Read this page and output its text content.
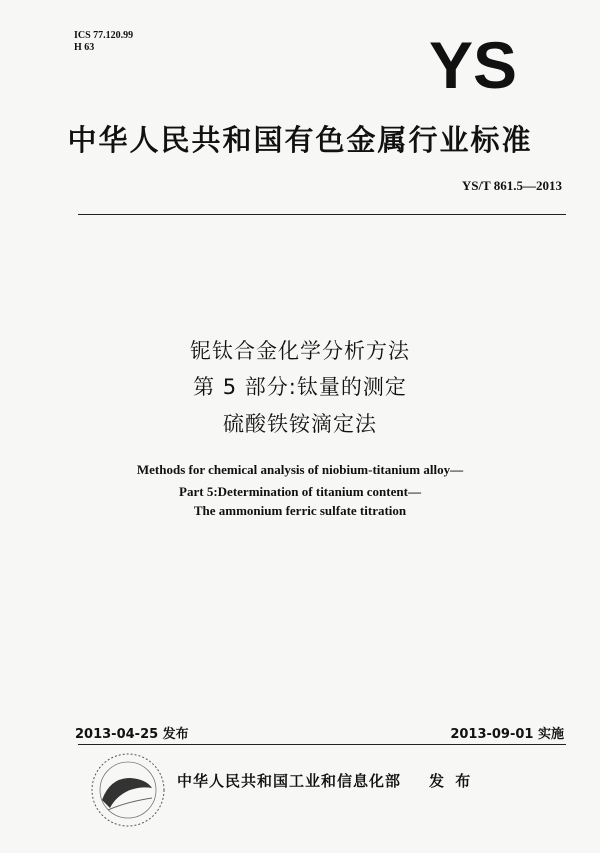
ICS 77.120.99
H 63	YS
中华人民共和国有色金属行业标准
YS/T 861.5—2013
铌钛合金化学分析方法
第 5 部分:钛量的测定
硫酸铁铵滴定法
Methods for chemical analysis of niobium-titanium alloy—
Part 5:Determination of titanium content—
The ammonium ferric sulfate titration
2013-04-25 发布	2013-09-01 实施
中华人民共和国工业和信息化部 发 布
